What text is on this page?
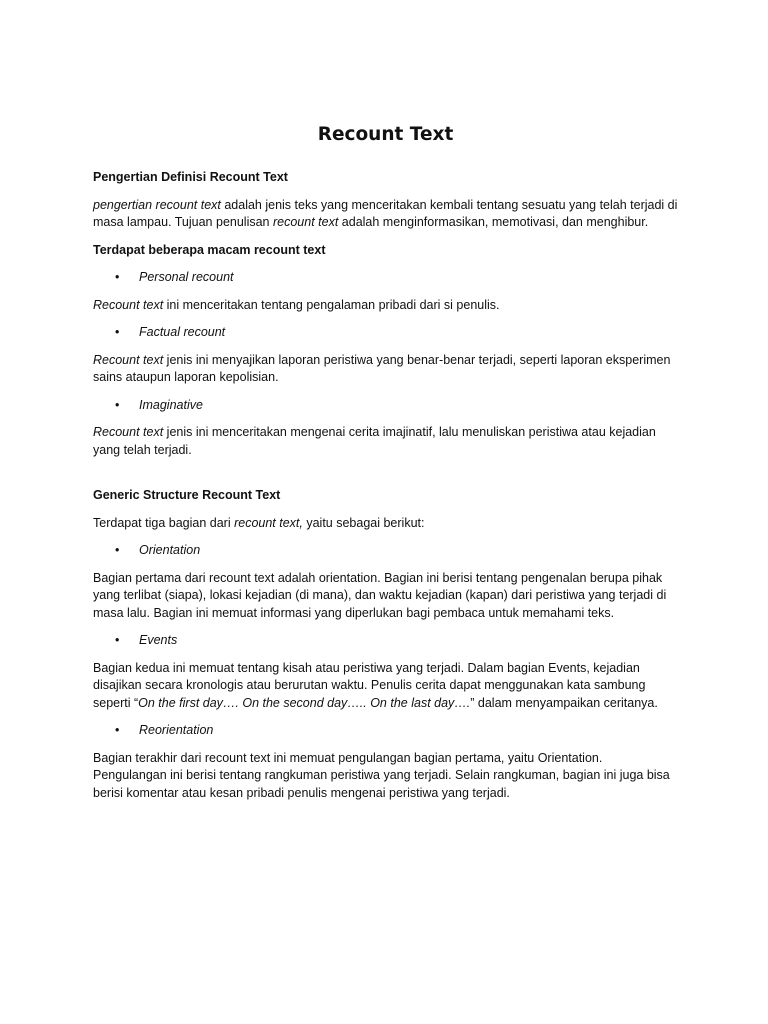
Recount Text
Pengertian Definisi Recount Text

pengertian recount text adalah jenis teks yang menceritakan kembali tentang sesuatu yang telah terjadi di masa lampau. Tujuan penulisan recount text adalah menginformasikan, memotivasi, dan menghibur.

Terdapat beberapa macam recount text
• Personal recount

Recount text ini menceritakan tentang pengalaman pribadi dari si penulis.

• Factual recount

Recount text jenis ini menyajikan laporan peristiwa yang benar-benar terjadi, seperti laporan eksperimen sains ataupun laporan kepolisian.

• Imaginative

Recount text jenis ini menceritakan mengenai cerita imajinatif, lalu menuliskan peristiwa atau kejadian yang telah terjadi.

Generic Structure Recount Text

Terdapat tiga bagian dari recount text, yaitu sebagai berikut:

• Orientation

Bagian pertama dari recount text adalah orientation. Bagian ini berisi tentang pengenalan berupa pihak yang terlibat (siapa), lokasi kejadian (di mana), dan waktu kejadian (kapan) dari peristiwa yang terjadi di masa lalu. Bagian ini memuat informasi yang diperlukan bagi pembaca untuk memahami teks.

• Events

Bagian kedua ini memuat tentang kisah atau peristiwa yang terjadi. Dalam bagian Events, kejadian disajikan secara kronologis atau berurutan waktu. Penulis cerita dapat menggunakan kata sambung seperti “On the first day…. On the second day….. On the last day….” dalam menyampaikan ceritanya.

• Reorientation

Bagian terakhir dari recount text ini memuat pengulangan bagian pertama, yaitu Orientation. Pengulangan ini berisi tentang rangkuman peristiwa yang terjadi. Selain rangkuman, bagian ini juga bisa berisi komentar atau kesan pribadi penulis mengenai peristiwa yang terjadi.
